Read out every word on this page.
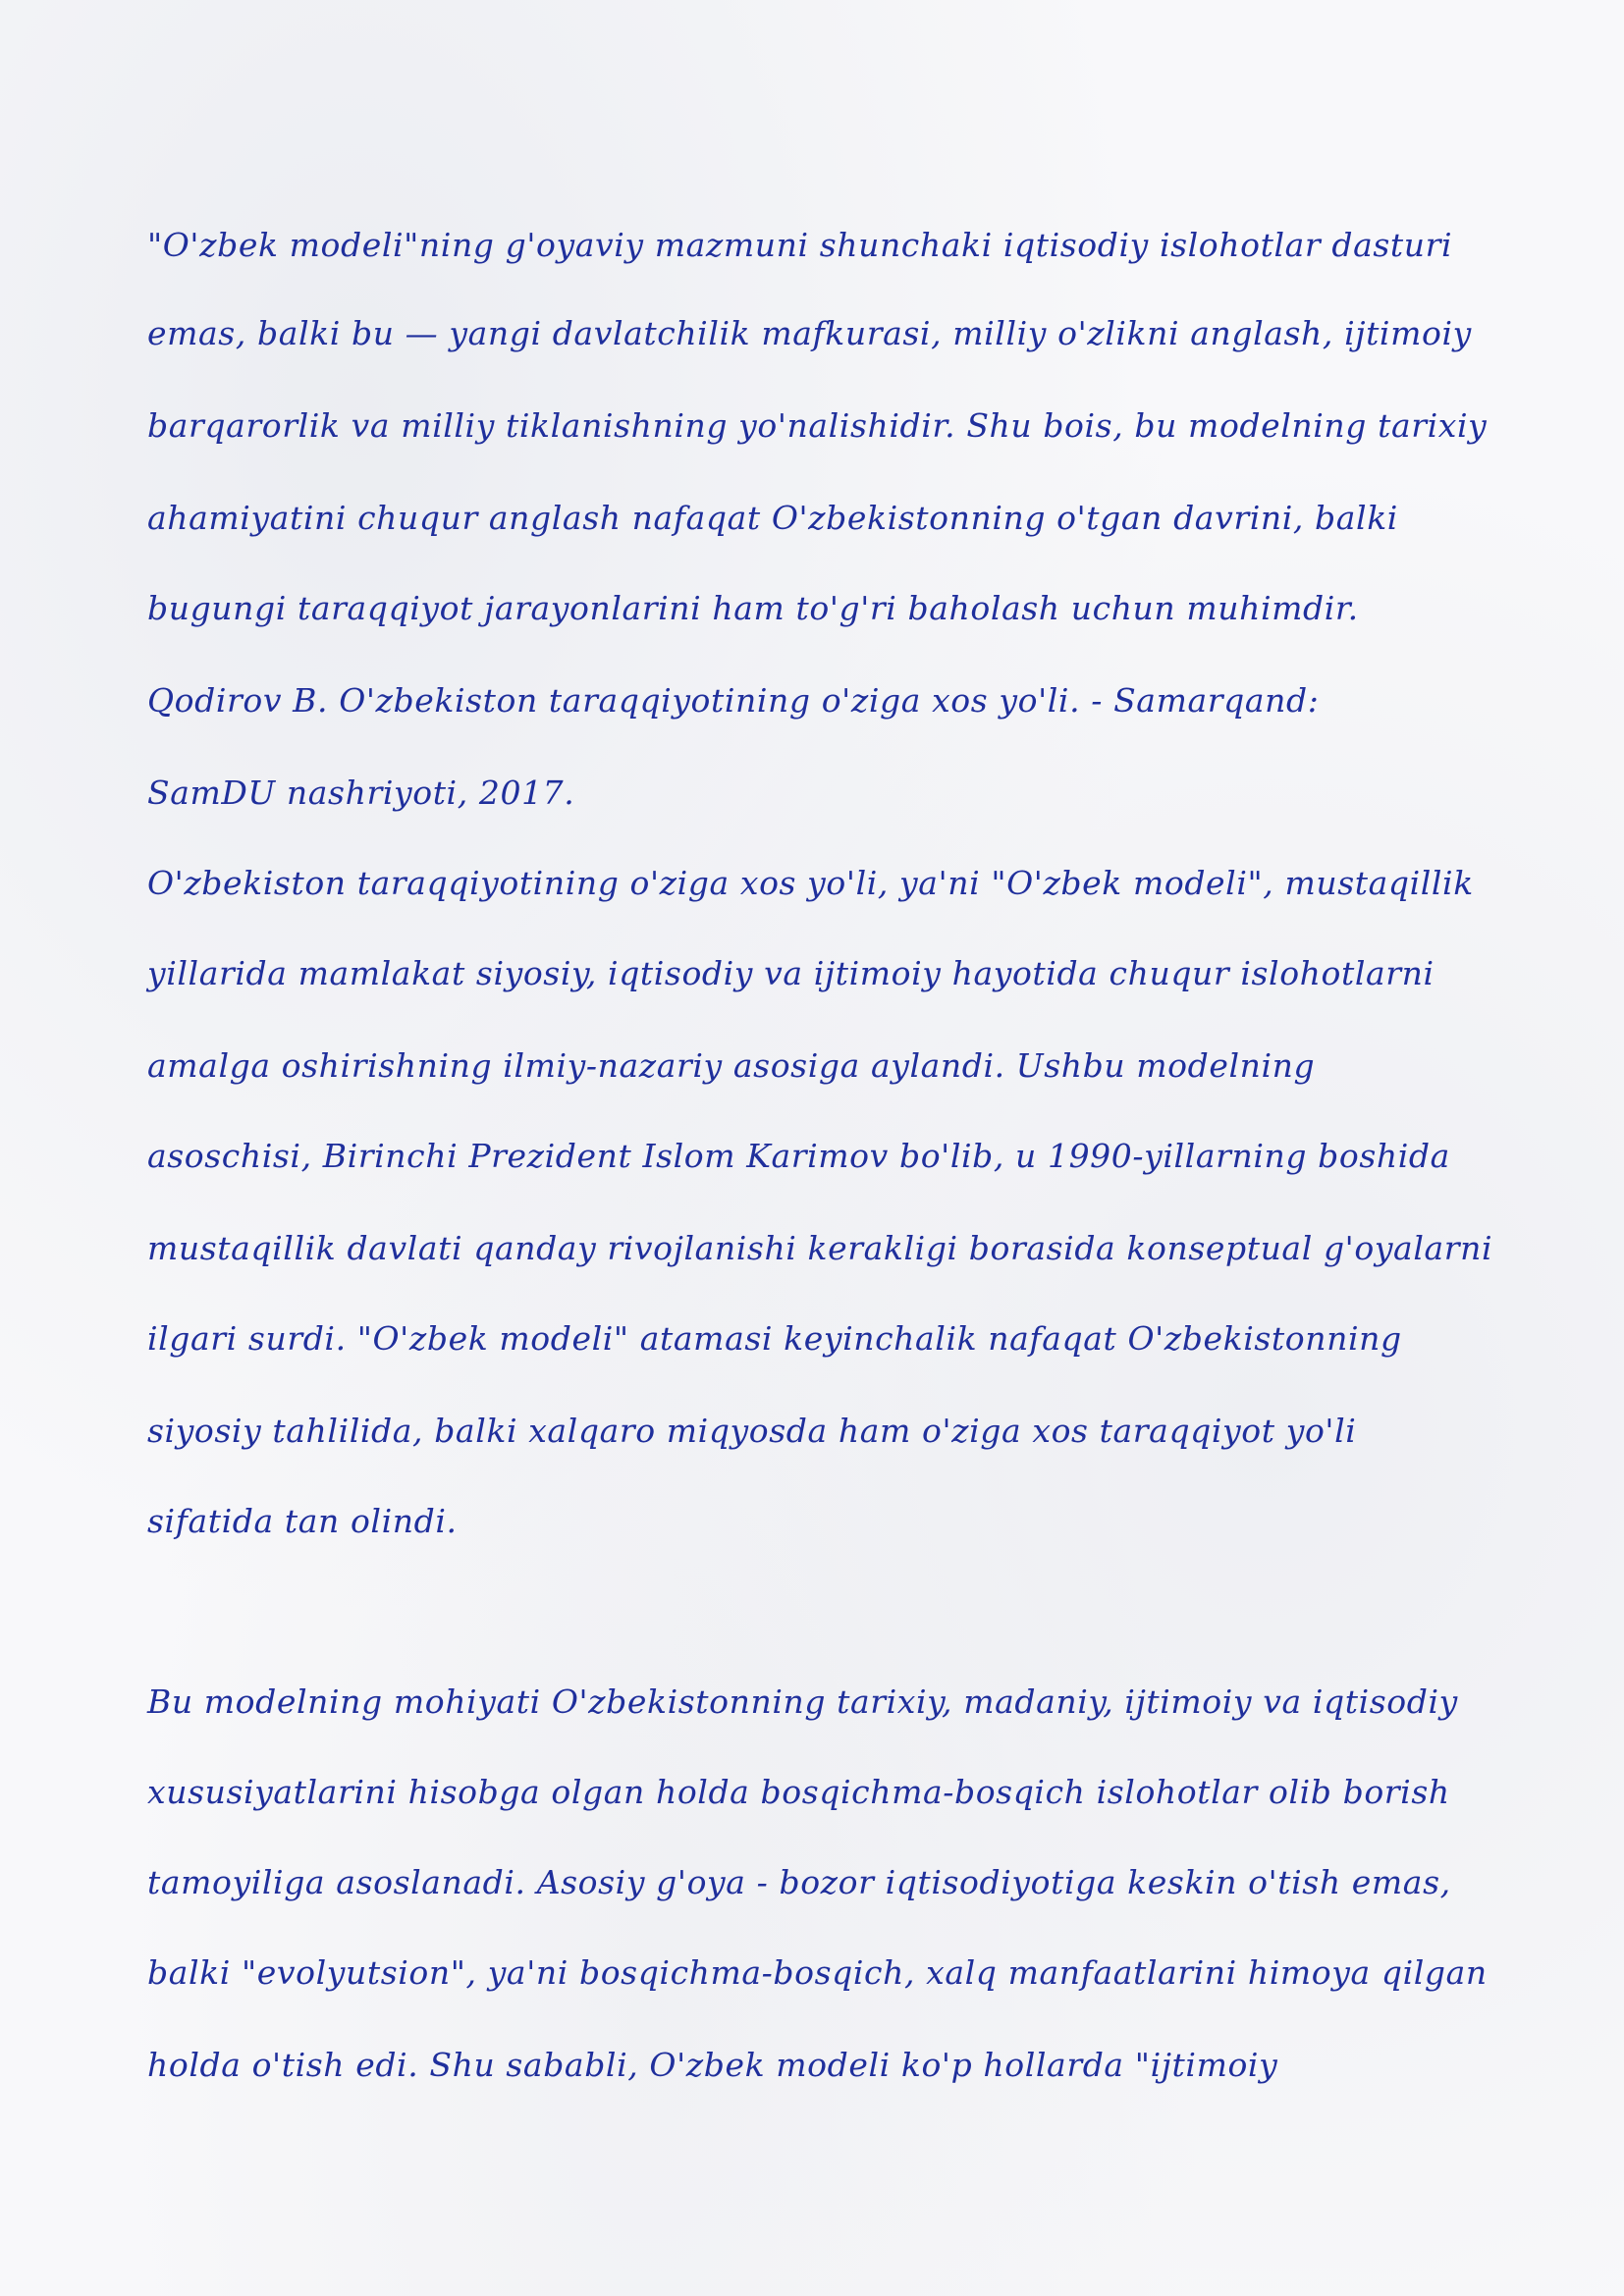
"O'zbek modeli"ning g'oyaviy mazmuni shunchaki iqtisodiy islohotlar dasturi

emas, balki bu — yangi davlatchilik mafkurasi, milliy o'zlikni anglash, ijtimoiy

barqarorlik va milliy tiklanishning yo'nalishidir. Shu bois, bu modelning tarixiy

ahamiyatini chuqur anglash nafaqat O'zbekistonning o'tgan davrini, balki

bugungi taraqqiyot jarayonlarini ham to'g'ri baholash uchun muhimdir.

Qodirov B. O'zbekiston taraqqiyotining o'ziga xos yo'li. - Samarqand:

SamDU nashriyoti, 2017.

O'zbekiston taraqqiyotining o'ziga xos yo'li, ya'ni "O'zbek modeli", mustaqillik

yillarida mamlakat siyosiy, iqtisodiy va ijtimoiy hayotida chuqur islohotlarni

amalga oshirishning ilmiy-nazariy asosiga aylandi. Ushbu modelning

asoschisi, Birinchi Prezident Islom Karimov bo'lib, u 1990-yillarning boshida

mustaqillik davlati qanday rivojlanishi kerakligi borasida konseptual g'oyalarni

ilgari surdi. "O'zbek modeli" atamasi keyinchalik nafaqat O'zbekistonning

siyosiy tahlilida, balki xalqaro miqyosda ham o'ziga xos taraqqiyot yo'li

sifatida tan olindi.

Bu modelning mohiyati O'zbekistonning tarixiy, madaniy, ijtimoiy va iqtisodiy

xususiyatlarini hisobga olgan holda bosqichma-bosqich islohotlar olib borish

tamoyiliga asoslanadi. Asosiy g'oya - bozor iqtisodiyotiga keskin o'tish emas,

balki "evolyutsion", ya'ni bosqichma-bosqich, xalq manfaatlarini himoya qilgan

holda o'tish edi. Shu sababli, O'zbek modeli ko'p hollarda "ijtimoiy
